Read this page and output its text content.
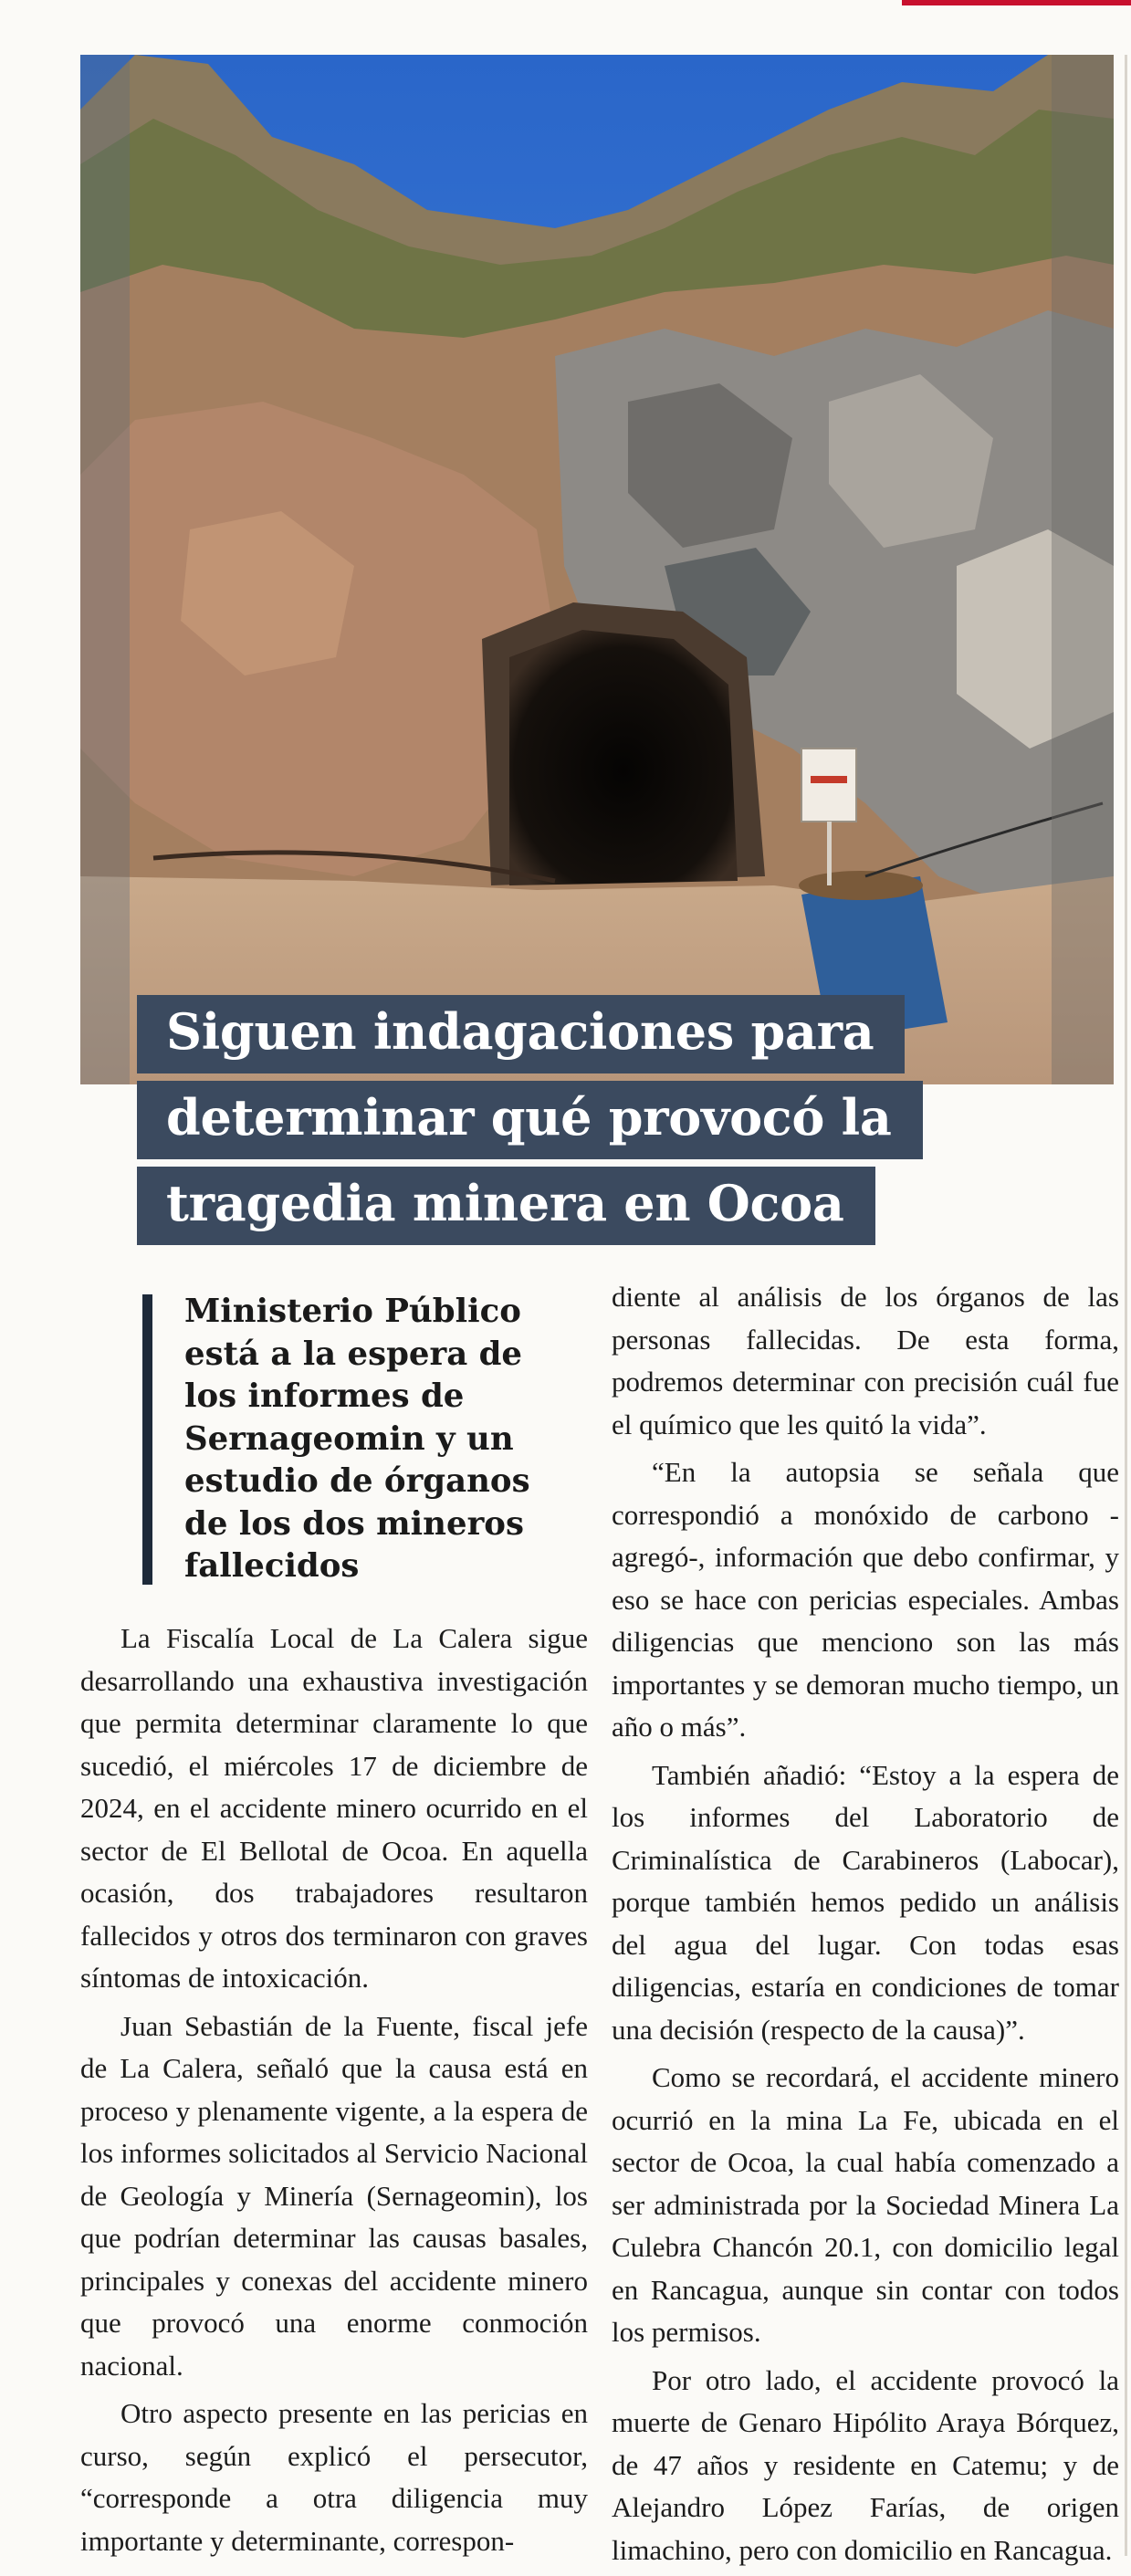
Siguen indagaciones para
determinar qué provocó la
tragedia minera en Ocoa
Ministerio Público
está a la espera de
los informes de
Sernageomin y un
estudio de órganos
de los dos mineros
fallecidos

La Fiscalía Local de La Calera sigue desarrollando una exhaustiva investigación que permita determinar claramente lo que sucedió, el miércoles 17 de diciembre de 2024, en el accidente minero ocurrido en el sector de El Bellotal de Ocoa. En aquella ocasión, dos trabajadores resultaron fallecidos y otros dos terminaron con graves síntomas de intoxicación.

Juan Sebastián de la Fuente, fiscal jefe de La Calera, señaló que la causa está en proceso y plenamente vigente, a la espera de los informes solicitados al Servicio Nacional de Geología y Minería (Sernageomin), los que podrían determinar las causas basales, principales y conexas del accidente minero que provocó una enorme conmoción nacional.

Otro aspecto presente en las pericias en curso, según explicó el persecutor, “corresponde a otra diligencia muy importante y determinante, correspon-

diente al análisis de los órganos de las personas fallecidas. De esta forma, podremos determinar con precisión cuál fue el químico que les quitó la vida”.

“En la autopsia se señala que correspondió a monóxido de carbono -agregó-, información que debo confirmar, y eso se hace con pericias especiales. Ambas diligencias que menciono son las más importantes y se demoran mucho tiempo, un año o más”.

También añadió: “Estoy a la espera de los informes del Laboratorio de Criminalística de Carabineros (Labocar), porque también hemos pedido un análisis del agua del lugar. Con todas esas diligencias, estaría en condiciones de tomar una decisión (respecto de la causa)”.

Como se recordará, el accidente minero ocurrió en la mina La Fe, ubicada en el sector de Ocoa, la cual había comenzado a ser administrada por la Sociedad Minera La Culebra Chancón 20.1, con domicilio legal en Rancagua, aunque sin contar con todos los permisos.

Por otro lado, el accidente provocó la muerte de Genaro Hipólito Araya Bórquez, de 47 años y residente en Catemu; y de Alejandro López Farías, de origen limachino, pero con domicilio en Rancagua.
